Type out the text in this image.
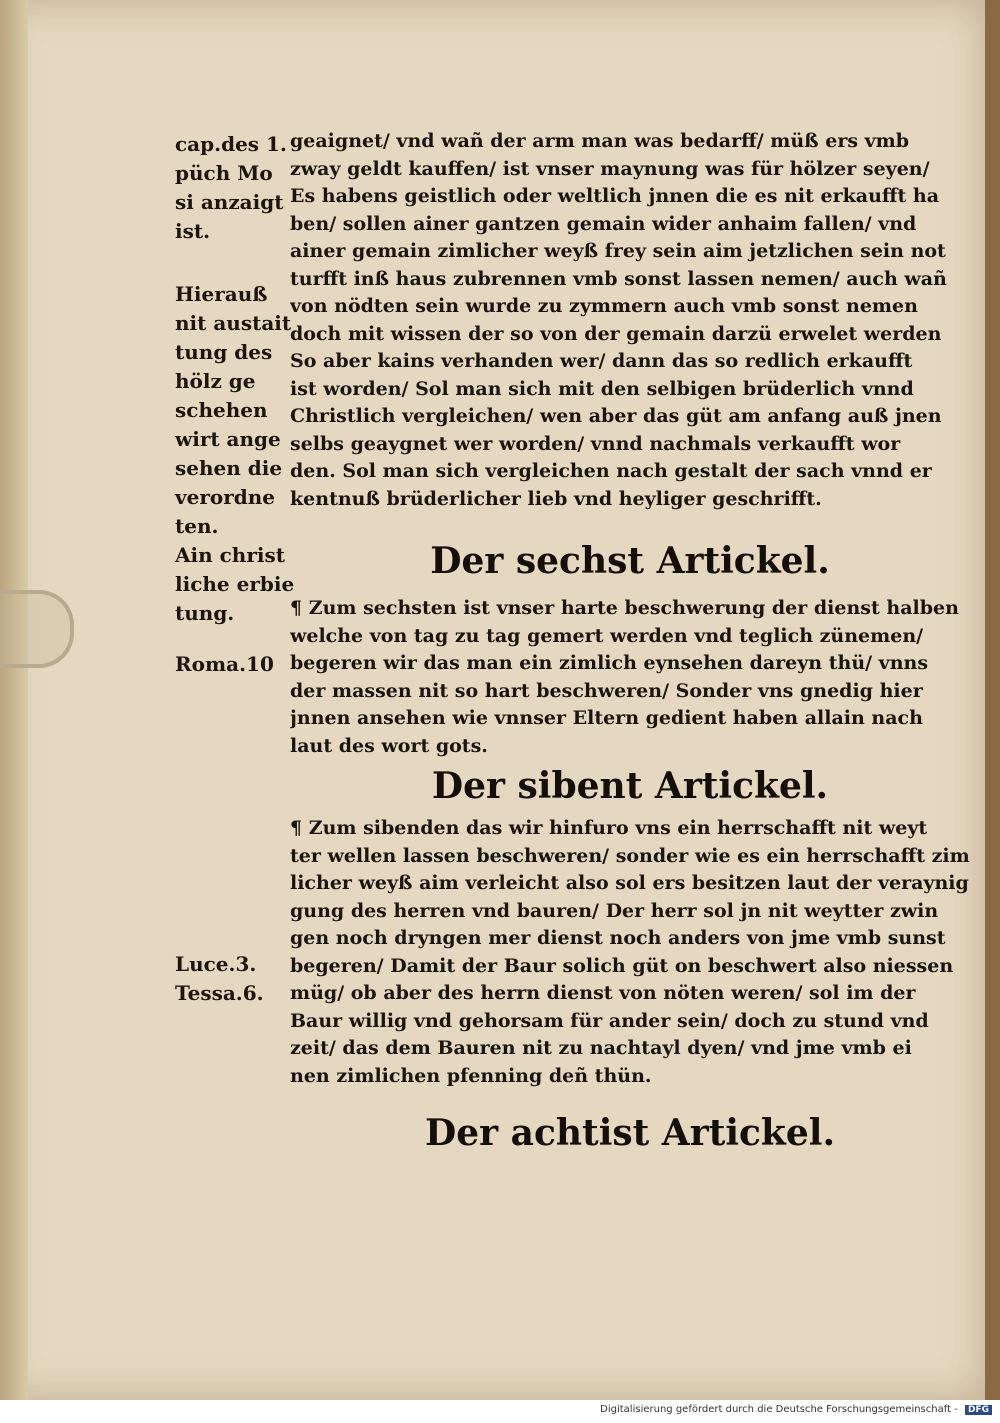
cap.des 1.
püch Mo
si anzaigt
ist.
Hierauß
nit austait
tung des
hölz ge
schehen
wirt ange
sehen die
verordne
ten.
Ain christ
liche erbie
tung.
Roma.10
Luce.3.
Tessa.6.
geaignet/ vnd wañ der arm man was bedarff/ müß ers vmb
zway geldt kauffen/ ist vnser maynung was für hölzer seyen/
Es habens geistlich oder weltlich jnnen die es nit erkaufft ha
ben/ sollen ainer gantzen gemain wider anhaim fallen/ vnd
ainer gemain zimlicher weyß frey sein aim jetzlichen sein not
turfft inß haus zubrennen vmb sonst lassen nemen/ auch wañ
von nödten sein wurde zu zymmern auch vmb sonst nemen
doch mit wissen der so von der gemain darzü erwelet werden
So aber kains verhanden wer/ dann das so redlich erkaufft
ist worden/ Sol man sich mit den selbigen brüderlich vnnd
Christlich vergleichen/ wen aber das güt am anfang auß jnen
selbs geaygnet wer worden/ vnnd nachmals verkaufft wor
den. Sol man sich vergleichen nach gestalt der sach vnnd er
kentnuß brüderlicher lieb vnd heyliger geschrifft.
Der sechst Artickel.
¶ Zum sechsten ist vnser harte beschwerung der dienst halben
welche von tag zu tag gemert werden vnd teglich zünemen/
begeren wir das man ein zimlich eynsehen dareyn thü/ vnns
der massen nit so hart beschweren/ Sonder vns gnedig hier
jnnen ansehen wie vnnser Eltern gedient haben allain nach
laut des wort gots.
Der sibent Artickel.
¶ Zum sibenden das wir hinfuro vns ein herrschafft nit weyt
ter wellen lassen beschweren/ sonder wie es ein herrschafft zim
licher weyß aim verleicht also sol ers besitzen laut der veraynig
gung des herren vnd bauren/ Der herr sol jn nit weytter zwin
gen noch dryngen mer dienst noch anders von jme vmb sunst
begeren/ Damit der Baur solich güt on beschwert also niessen
müg/ ob aber des herrn dienst von nöten weren/ sol im der
Baur willig vnd gehorsam für ander sein/ doch zu stund vnd
zeit/ das dem Bauren nit zu nachtayl dyen/ vnd jme vmb ei
nen zimlichen pfenning deñ thün.
Der achtist Artickel.
Digitalisierung gefördert durch die Deutsche Forschungsgemeinschaft - DFG
